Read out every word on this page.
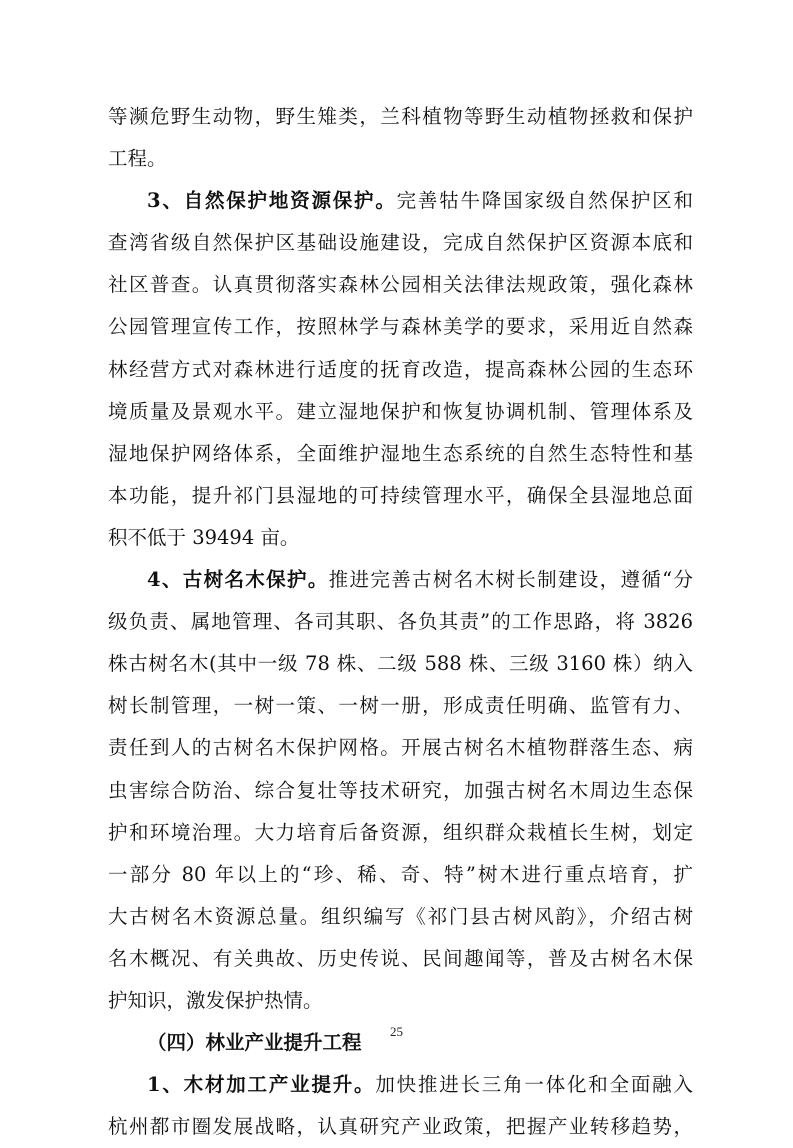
等濒危野生动物，野生雉类，兰科植物等野生动植物拯救和保护
工程。
3、自然保护地资源保护。完善牯牛降国家级自然保护区和
查湾省级自然保护区基础设施建设，完成自然保护区资源本底和
社区普查。认真贯彻落实森林公园相关法律法规政策，强化森林
公园管理宣传工作，按照林学与森林美学的要求，采用近自然森
林经营方式对森林进行适度的抚育改造，提高森林公园的生态环
境质量及景观水平。建立湿地保护和恢复协调机制、管理体系及
湿地保护网络体系，全面维护湿地生态系统的自然生态特性和基
本功能，提升祁门县湿地的可持续管理水平，确保全县湿地总面
积不低于 39494 亩。
4、古树名木保护。推进完善古树名木树长制建设，遵循“分
级负责、属地管理、各司其职、各负其责”的工作思路，将 3826
株古树名木(其中一级 78 株、二级 588 株、三级 3160 株）纳入
树长制管理，一树一策、一树一册，形成责任明确、监管有力、
责任到人的古树名木保护网格。开展古树名木植物群落生态、病
虫害综合防治、综合复壮等技术研究，加强古树名木周边生态保
护和环境治理。大力培育后备资源，组织群众栽植长生树，划定
一部分 80 年以上的“珍、稀、奇、特”树木进行重点培育，扩
大古树名木资源总量。组织编写《祁门县古树风韵》，介绍古树
名木概况、有关典故、历史传说、民间趣闻等，普及古树名木保
护知识，激发保护热情。
（四）林业产业提升工程
1、木材加工产业提升。加快推进长三角一体化和全面融入
杭州都市圈发展战略，认真研究产业政策，把握产业转移趋势，
25
